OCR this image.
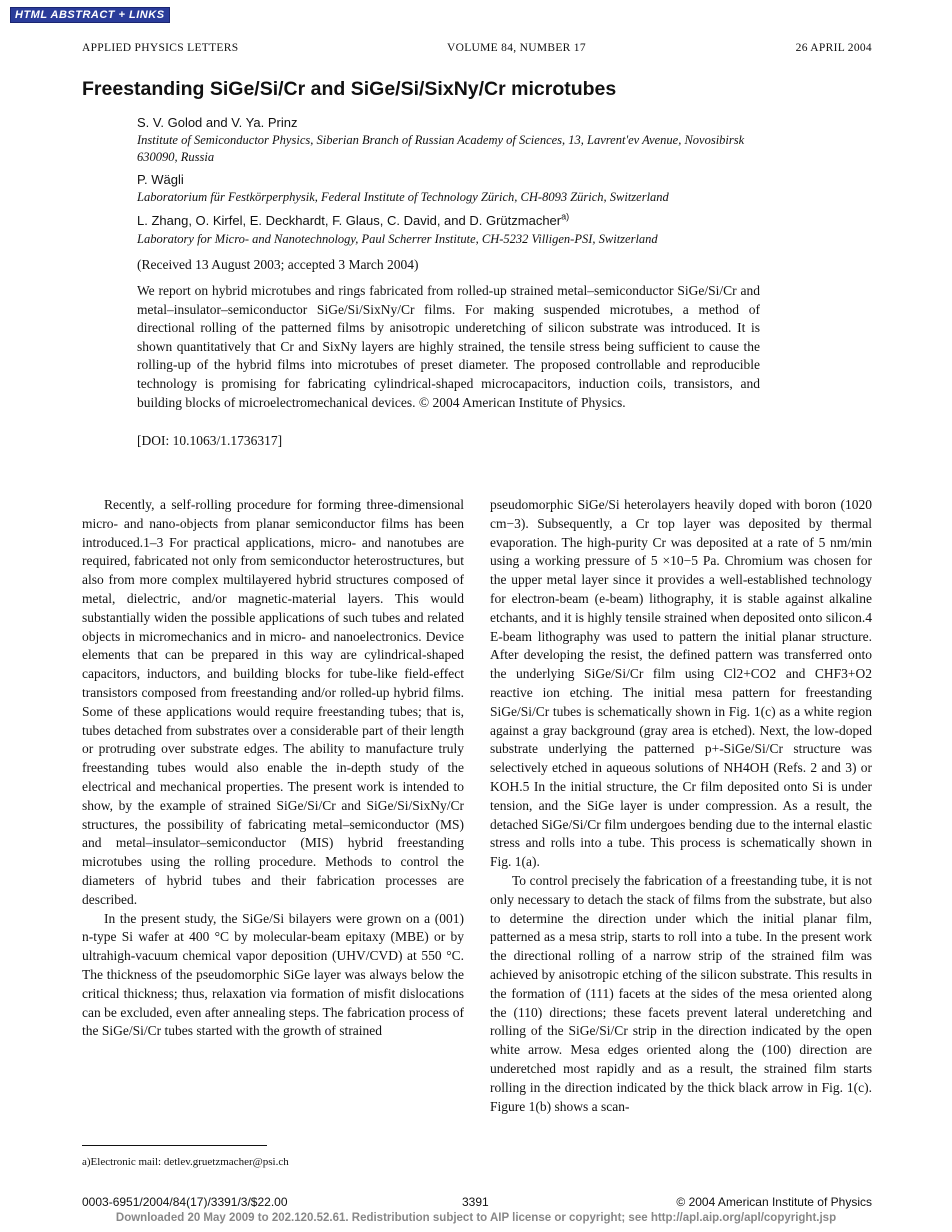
HTML ABSTRACT + LINKS
APPLIED PHYSICS LETTERS	VOLUME 84, NUMBER 17	26 APRIL 2004
Freestanding SiGe/Si/Cr and SiGe/Si/SixNy/Cr microtubes
S. V. Golod and V. Ya. Prinz
Institute of Semiconductor Physics, Siberian Branch of Russian Academy of Sciences, 13, Lavrent'ev Avenue, Novosibirsk 630090, Russia
P. Wägli
Laboratorium für Festkörperphysik, Federal Institute of Technology Zürich, CH-8093 Zürich, Switzerland
L. Zhang, O. Kirfel, E. Deckhardt, F. Glaus, C. David, and D. Grützmacher$^{a)}$
Laboratory for Micro- and Nanotechnology, Paul Scherrer Institute, CH-5232 Villigen-PSI, Switzerland
(Received 13 August 2003; accepted 3 March 2004)
We report on hybrid microtubes and rings fabricated from rolled-up strained metal–semiconductor SiGe/Si/Cr and metal–insulator–semiconductor SiGe/Si/SixNy/Cr films. For making suspended microtubes, a method of directional rolling of the patterned films by anisotropic underetching of silicon substrate was introduced. It is shown quantitatively that Cr and SixNy layers are highly strained, the tensile stress being sufficient to cause the rolling-up of the hybrid films into microtubes of preset diameter. The proposed controllable and reproducible technology is promising for fabricating cylindrical-shaped microcapacitors, induction coils, transistors, and building blocks of microelectromechanical devices. © 2004 American Institute of Physics.
[DOI: 10.1063/1.1736317]

Recently, a self-rolling procedure for forming three-dimensional micro- and nano-objects from planar semiconductor films has been introduced.1–3 For practical applications, micro- and nanotubes are required, fabricated not only from semiconductor heterostructures, but also from more complex multilayered hybrid structures composed of metal, dielectric, and/or magnetic-material layers. This would substantially widen the possible applications of such tubes and related objects in micromechanics and in micro- and nanoelectronics. Device elements that can be prepared in this way are cylindrical-shaped capacitors, inductors, and building blocks for tube-like field-effect transistors composed from freestanding and/or rolled-up hybrid films. Some of these applications would require freestanding tubes; that is, tubes detached from substrates over a considerable part of their length or protruding over substrate edges. The ability to manufacture truly freestanding tubes would also enable the in-depth study of the electrical and mechanical properties. The present work is intended to show, by the example of strained SiGe/Si/Cr and SiGe/Si/SixNy/Cr structures, the possibility of fabricating metal–semiconductor (MS) and metal–insulator–semiconductor (MIS) hybrid freestanding microtubes using the rolling procedure. Methods to control the diameters of hybrid tubes and their fabrication processes are described.

In the present study, the SiGe/Si bilayers were grown on a (001) n-type Si wafer at 400 °C by molecular-beam epitaxy (MBE) or by ultrahigh-vacuum chemical vapor deposition (UHV/CVD) at 550 °C. The thickness of the pseudomorphic SiGe layer was always below the critical thickness; thus, relaxation via formation of misfit dislocations can be excluded, even after annealing steps. The fabrication process of the SiGe/Si/Cr tubes started with the growth of strained

pseudomorphic SiGe/Si heterolayers heavily doped with boron (1020 cm−3). Subsequently, a Cr top layer was deposited by thermal evaporation. The high-purity Cr was deposited at a rate of 5 nm/min using a working pressure of 5 ×10−5 Pa. Chromium was chosen for the upper metal layer since it provides a well-established technology for electron-beam (e-beam) lithography, it is stable against alkaline etchants, and it is highly tensile strained when deposited onto silicon.4 E-beam lithography was used to pattern the initial planar structure. After developing the resist, the defined pattern was transferred onto the underlying SiGe/Si/Cr film using Cl2+CO2 and CHF3+O2 reactive ion etching. The initial mesa pattern for freestanding SiGe/Si/Cr tubes is schematically shown in Fig. 1(c) as a white region against a gray background (gray area is etched). Next, the low-doped substrate underlying the patterned p+-SiGe/Si/Cr structure was selectively etched in aqueous solutions of NH4OH (Refs. 2 and 3) or KOH.5 In the initial structure, the Cr film deposited onto Si is under tension, and the SiGe layer is under compression. As a result, the detached SiGe/Si/Cr film undergoes bending due to the internal elastic stress and rolls into a tube. This process is schematically shown in Fig. 1(a).

To control precisely the fabrication of a freestanding tube, it is not only necessary to detach the stack of films from the substrate, but also to determine the direction under which the initial planar film, patterned as a mesa strip, starts to roll into a tube. In the present work the directional rolling of a narrow strip of the strained film was achieved by anisotropic etching of the silicon substrate. This results in the formation of (111) facets at the sides of the mesa oriented along the (110) directions; these facets prevent lateral underetching and rolling of the SiGe/Si/Cr strip in the direction indicated by the open white arrow. Mesa edges oriented along the (100) direction are underetched most rapidly and as a result, the strained film starts rolling in the direction indicated by the thick black arrow in Fig. 1(c). Figure 1(b) shows a scan-

a)Electronic mail: detlev.gruetzmacher@psi.ch
0003-6951/2004/84(17)/3391/3/$22.00	3391	© 2004 American Institute of Physics
Downloaded 20 May 2009 to 202.120.52.61. Redistribution subject to AIP license or copyright; see http://apl.aip.org/apl/copyright.jsp
